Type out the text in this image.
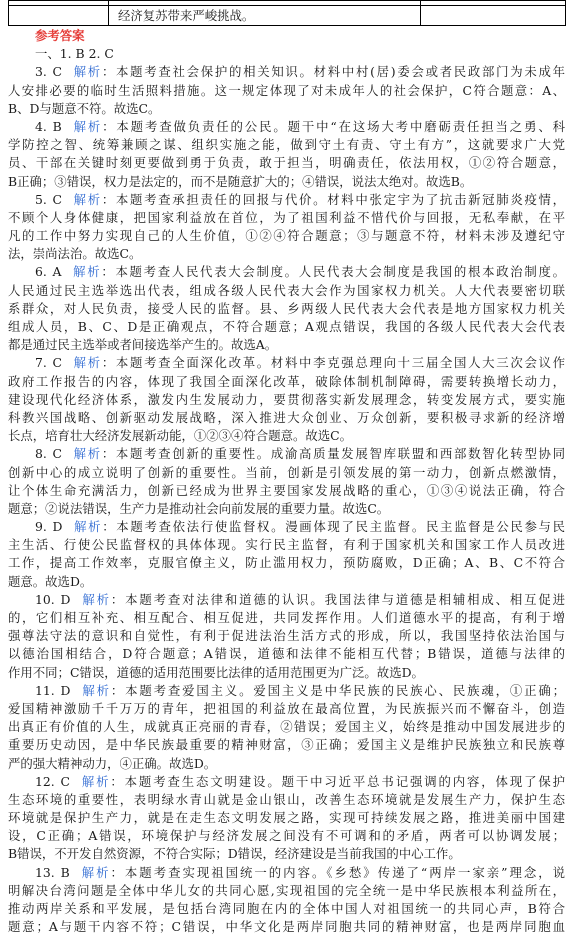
	经济复苏带来严峻挑战。	
参考答案
一、1. B 2. C
3. C 解析：本题考查社会保护的相关知识。材料中村(居)委会或者民政部门为未成年
人安排必要的临时生活照料措施。这一规定体现了对未成年人的社会保护，C符合题意：A、
B、D与题意不符。故选C。
4. B 解析：本题考查做负责任的公民。题干中“在这场大考中磨砺责任担当之勇、科
学防控之智、统筹兼顾之谋、组织实施之能，做到守土有责、守土有方”，这就要求广大党
员、干部在关键时刻更要做到勇于负责，敢于担当，明确责任，依法用权，①②符合题意，
B正确；③错误，权力是法定的，而不是随意扩大的；④错误，说法太绝对。故选B。
5. C 解析：本题考查承担责任的回报与代价。材料中张定宇为了抗击新冠肺炎疫情，
不顾个人身体健康，把国家利益放在首位，为了祖国利益不惜代价与回报，无私奉献，在平
凡的工作中努力实现自己的人生价值，①②④符合题意；③与题意不符，材料未涉及遵纪守
法，崇尚法治。故选C。
6. A 解析：本题考查人民代表大会制度。人民代表大会制度是我国的根本政治制度。
人民通过民主选举选出代表，组成各级人民代表大会作为国家权力机关。人大代表要密切联
系群众，对人民负责，接受人民的监督。县、乡两级人民代表大会代表是地方国家权力机关
组成人员，B、C、D是正确观点，不符合题意；A观点错误，我国的各级人民代表大会代表
都是通过民主选举或者间接选举产生的。故选A。
7. C 解析：本题考查全面深化改革。材料中李克强总理向十三届全国人大三次会议作
政府工作报告的内容，体现了我国全面深化改革，破除体制机制障碍，需要转换增长动力，
建设现代化经济体系，激发内生发展动力，要贯彻落实新发展理念，转变发展方式，要实施
科教兴国战略、创新驱动发展战略，深入推进大众创业、万众创新，要积极寻求新的经济增
长点，培育壮大经济发展新动能，①②③④符合题意。故选C。
8. C 解析：本题考查创新的重要性。成渝高质量发展智库联盟和西部数智化转型协同
创新中心的成立说明了创新的重要性。当前，创新是引领发展的第一动力，创新点燃激情，
让个体生命充满活力，创新已经成为世界主要国家发展战略的重心，①③④说法正确，符合
题意；②说法错误，生产力是推动社会向前发展的重要力量。故选C。
9. D 解析：本题考查依法行使监督权。漫画体现了民主监督。民主监督是公民参与民
主生活、行使公民监督权的具体体现。实行民主监督，有利于国家机关和国家工作人员改进
工作，提高工作效率，克服官僚主义，防止滥用权力，预防腐败，D正确；A、B、C不符合
题意。故选D。
10. D 解析：本题考查对法律和道德的认识。我国法律与道德是相辅相成、相互促进
的，它们相互补充、相互配合、相互促进，共同发挥作用。人们道德水平的提高，有利于增
强尊法守法的意识和自觉性，有利于促进法治生活方式的形成，所以，我国坚持依法治国与
以德治国相结合，D符合题意；A错误，道德和法律不能相互代替；B错误，道德与法律的
作用不同；C错误，道德的适用范围要比法律的适用范围更为广泛。故选D。
11. D 解析：本题考查爱国主义。爱国主义是中华民族的民族心、民族魂，①正确；
爱国精神激励千千万万的青年，把祖国的利益放在最高位置，为民族振兴而不懈奋斗，创造
出真正有价值的人生，成就真正亮丽的青春，②错误；爱国主义，始终是推动中国发展进步的
重要历史动因，是中华民族最重要的精神财富，③正确；爱国主义是维护民族独立和民族尊
严的强大精神动力，④正确。故选D。
12. C 解析：本题考查生态文明建设。题干中习近平总书记强调的内容，体现了保护
生态环境的重要性，表明绿水青山就是金山银山，改善生态环境就是发展生产力，保护生态
环境就是保护生产力，就是在走生态文明发展之路，实现可持续发展之路，推进美丽中国建
设，C正确；A错误，环境保护与经济发展之间没有不可调和的矛盾，两者可以协调发展；
B错误，不开发自然资源，不符合实际；D错误，经济建设是当前我国的中心工作。
13. B 解析：本题考查实现祖国统一的内容。《乡愁》传递了“两岸一家亲”理念，说
明解决台湾问题是全体中华儿女的共同心愿,实现祖国的完全统一是中华民族根本利益所在，
推动两岸关系和平发展，是包括台湾同胞在内的全体中国人对祖国统一的共同心声，B符合
题意；A与题干内容不符；C错误，中华文化是两岸同胞共同的精神财富，也是两岸同胞血
